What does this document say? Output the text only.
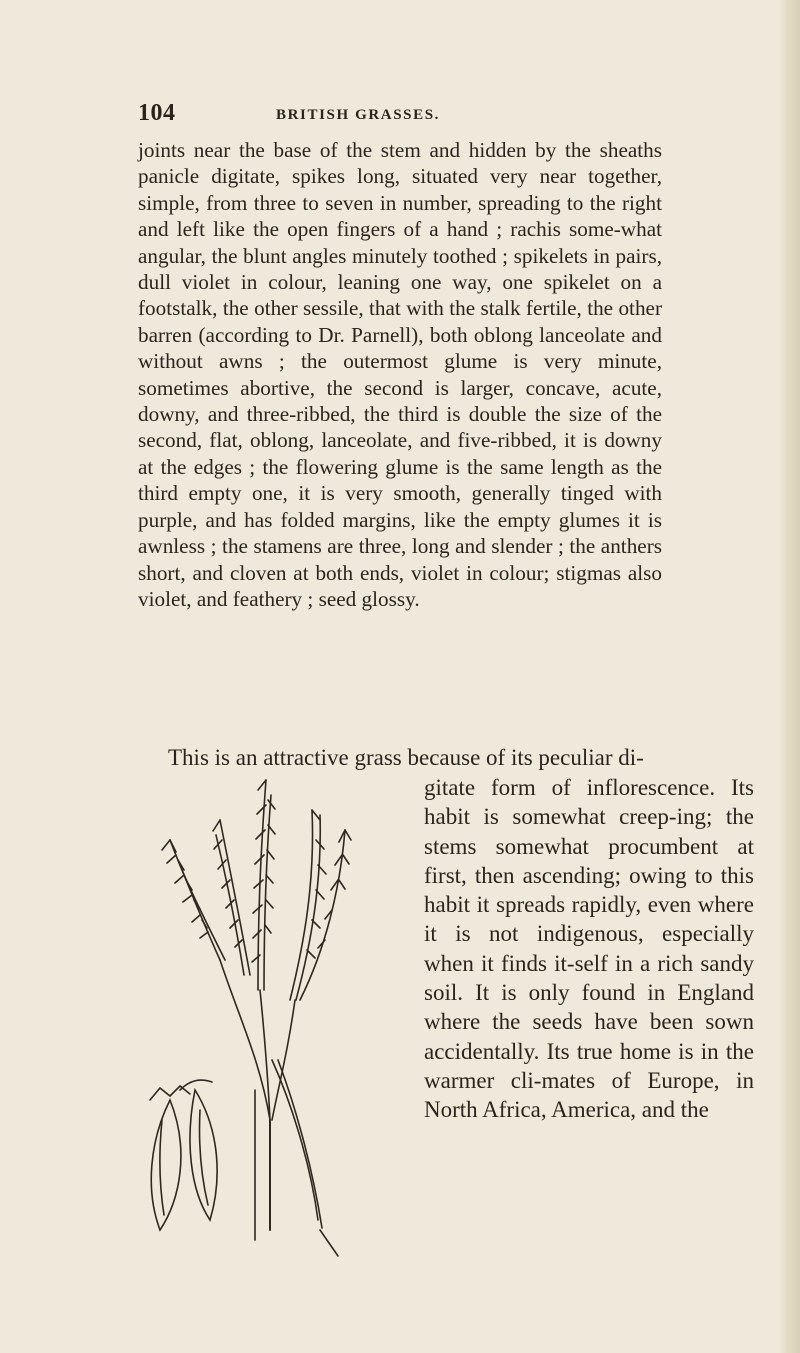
104	BRITISH GRASSES.

joints near the base of the stem and hidden by the sheaths panicle digitate, spikes long, situated very near together, simple, from three to seven in number, spreading to the right and left like the open fingers of a hand ; rachis some-what angular, the blunt angles minutely toothed ; spikelets in pairs, dull violet in colour, leaning one way, one spikelet on a footstalk, the other sessile, that with the stalk fertile, the other barren (according to Dr. Parnell), both oblong lanceolate and without awns ; the outermost glume is very minute, sometimes abortive, the second is larger, concave, acute, downy, and three-ribbed, the third is double the size of the second, flat, oblong, lanceolate, and five-ribbed, it is downy at the edges ; the flowering glume is the same length as the third empty one, it is very smooth, generally tinged with purple, and has folded margins, like the empty glumes it is awnless ; the stamens are three, long and slender ; the anthers short, and cloven at both ends, violet in colour; stigmas also violet, and feathery ; seed glossy.

This is an attractive grass because of its peculiar di-

gitate form of inflorescence. Its habit is somewhat creep-ing; the stems somewhat procumbent at first, then ascending; owing to this habit it spreads rapidly, even where it is not indigenous, especially when it finds it-self in a rich sandy soil. It is only found in England where the seeds have been sown accidentally. Its true home is in the warmer cli-mates of Europe, in North Africa, America, and the
